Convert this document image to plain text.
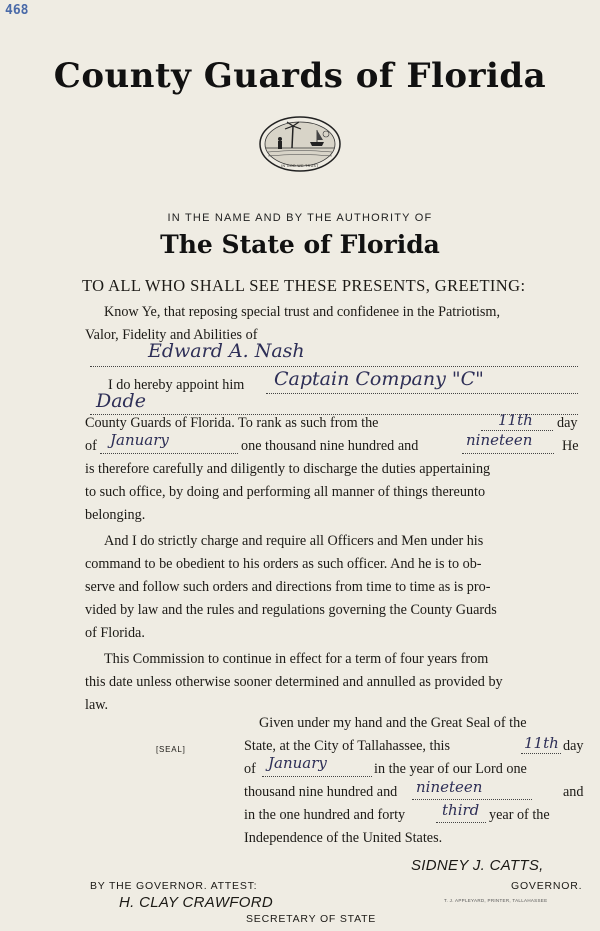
468
County Guards of Florida
IN GOD WE TRUST
IN THE NAME AND BY THE AUTHORITY OF
The State of Florida
TO ALL WHO SHALL SEE THESE PRESENTS, GREETING:
Know Ye, that reposing special trust and confidenee in the Patriotism,
Valor, Fidelity and Abilities of
Edward A. Nash
I do hereby appoint him Captain Company "C"
Dade
County Guards of Florida. To rank as such from the	11th day
of January	one thousand nine hundred and	nineteen He
is therefore carefully and diligently to discharge the duties appertaining
to such office, by doing and performing all manner of things thereunto
belonging.
And I do strictly charge and require all Officers and Men under his
command to be obedient to his orders as such officer. And he is to ob-
serve and follow such orders and directions from time to time as is pro-
vided by law and the rules and regulations governing the County Guards
of Florida.
This Commission to continue in effect for a term of four years from
this date unless otherwise sooner determined and annulled as provided by
law.
Given under my hand and the Great Seal of the
State, at the City of Tallahassee, this	11th day
[SEAL]
of January	in the year of our Lord one
thousand nine hundred and nineteen	and
in the one hundred and forty third year of the
Independence of the United States.
SIDNEY J. CATTS,
GOVERNOR.
BY THE GOVERNOR. ATTEST:
H. CLAY CRAWFORD
SECRETARY OF STATE
T. J. APPLEYARD, PRINTER, TALLAHASSEE
